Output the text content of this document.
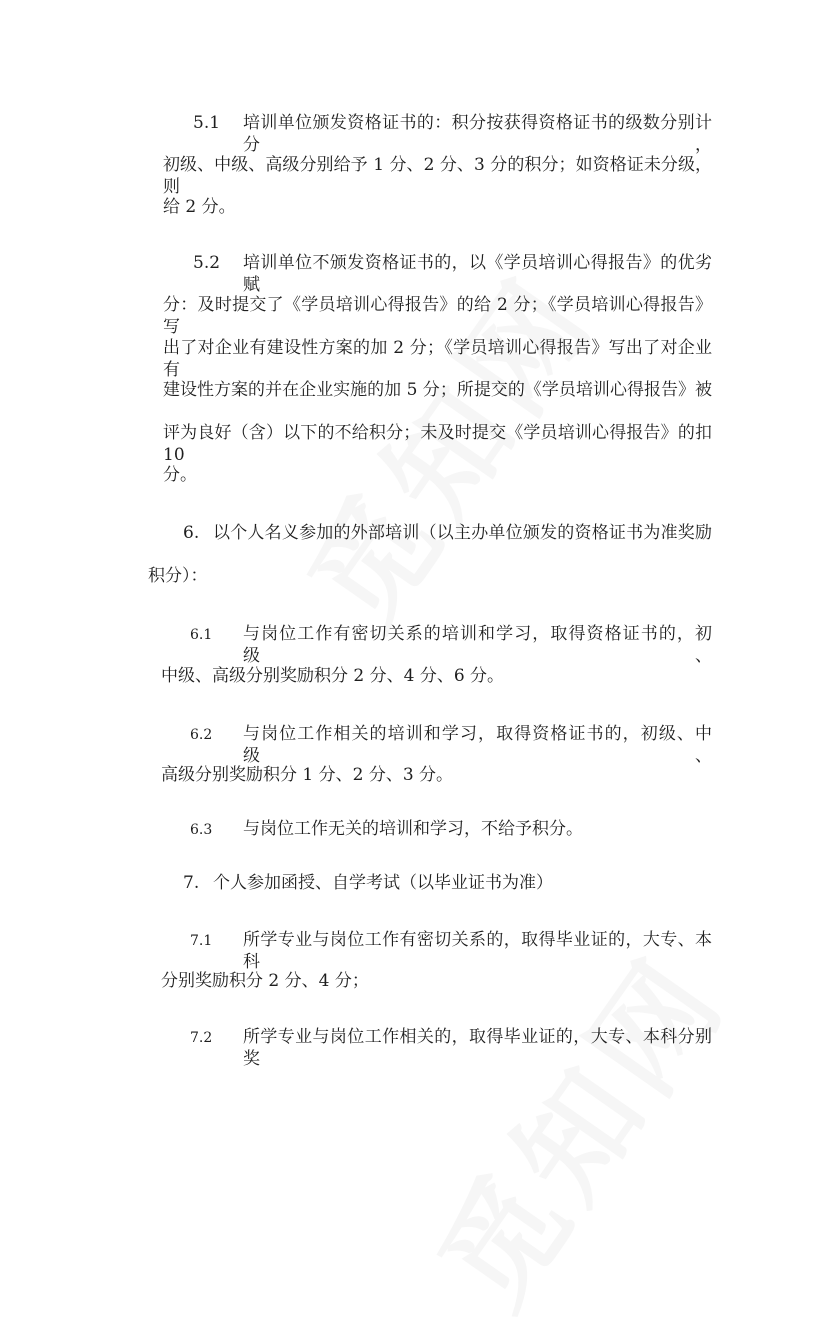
5.1 培训单位颁发资格证书的：积分按获得资格证书的级数分别计分，
初级、中级、高级分别给予 1 分、2 分、3 分的积分；如资格证未分级，则
给 2 分。
5.2 培训单位不颁发资格证书的，以《学员培训心得报告》的优劣赋
分：及时提交了《学员培训心得报告》的给 2 分；《学员培训心得报告》写
出了对企业有建设性方案的加 2 分；《学员培训心得报告》写出了对企业有
建设性方案的并在企业实施的加 5 分；所提交的《学员培训心得报告》被
评为良好（含）以下的不给积分；未及时提交《学员培训心得报告》的扣 10
分。
6. 以个人名义参加的外部培训（以主办单位颁发的资格证书为准奖励
积分）：
6.1 与岗位工作有密切关系的培训和学习，取得资格证书的，初级、
中级、高级分别奖励积分 2 分、4 分、6 分。
6.2 与岗位工作相关的培训和学习，取得资格证书的，初级、中级、
高级分别奖励积分 1 分、2 分、3 分。
6.3 与岗位工作无关的培训和学习，不给予积分。
7. 个人参加函授、自学考试（以毕业证书为准）
7.1 所学专业与岗位工作有密切关系的，取得毕业证的，大专、本科
分别奖励积分 2 分、4 分；
7.2 所学专业与岗位工作相关的，取得毕业证的，大专、本科分别奖
